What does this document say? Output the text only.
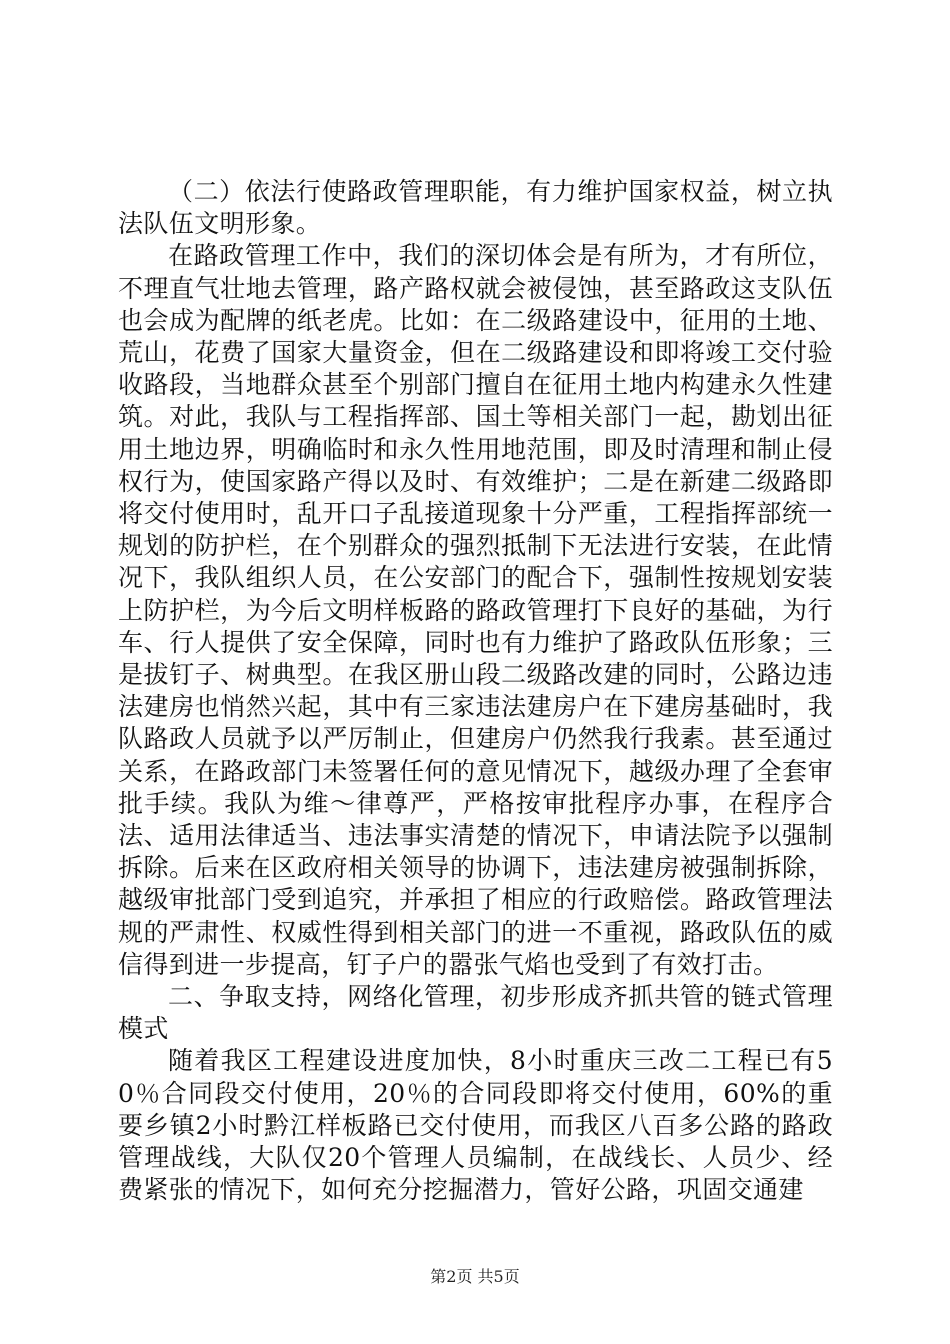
（二）依法行使路政管理职能，有力维护国家权益，树立执法队伍文明形象。

在路政管理工作中，我们的深切体会是有所为，才有所位，不理直气壮地去管理，路产路权就会被侵蚀，甚至路政这支队伍也会成为配牌的纸老虎。比如：在二级路建设中，征用的土地、荒山，花费了国家大量资金，但在二级路建设和即将竣工交付验收路段，当地群众甚至个别部门擅自在征用土地内构建永久性建筑。对此，我队与工程指挥部、国土等相关部门一起，勘划出征用土地边界，明确临时和永久性用地范围，即及时清理和制止侵权行为，使国家路产得以及时、有效维护；二是在新建二级路即将交付使用时，乱开口子乱接道现象十分严重，工程指挥部统一规划的防护栏，在个别群众的强烈抵制下无法进行安装，在此情况下，我队组织人员，在公安部门的配合下，强制性按规划安装上防护栏，为今后文明样板路的路政管理打下良好的基础，为行车、行人提供了安全保障，同时也有力维护了路政队伍形象；三是拔钉子、树典型。在我区册山段二级路改建的同时，公路边违法建房也悄然兴起，其中有三家违法建房户在下建房基础时，我队路政人员就予以严厉制止，但建房户仍然我行我素。甚至通过关系，在路政部门未签署任何的意见情况下，越级办理了全套审批手续。我队为维～律尊严，严格按审批程序办事，在程序合法、适用法律适当、违法事实清楚的情况下，申请法院予以强制拆除。后来在区政府相关领导的协调下，违法建房被强制拆除，越级审批部门受到追究，并承担了相应的行政赔偿。路政管理法规的严肃性、权威性得到相关部门的进一不重视，路政队伍的威信得到进一步提高，钉子户的嚣张气焰也受到了有效打击。

二、争取支持，网络化管理，初步形成齐抓共管的链式管理模式

随着我区工程建设进度加快，8小时重庆三改二工程已有50％合同段交付使用，20％的合同段即将交付使用，60%的重要乡镇2小时黔江样板路已交付使用，而我区八百多公路的路政管理战线，大队仅20个管理人员编制，在战线长、人员少、经费紧张的情况下，如何充分挖掘潜力，管好公路，巩固交通建

第2页 共5页
